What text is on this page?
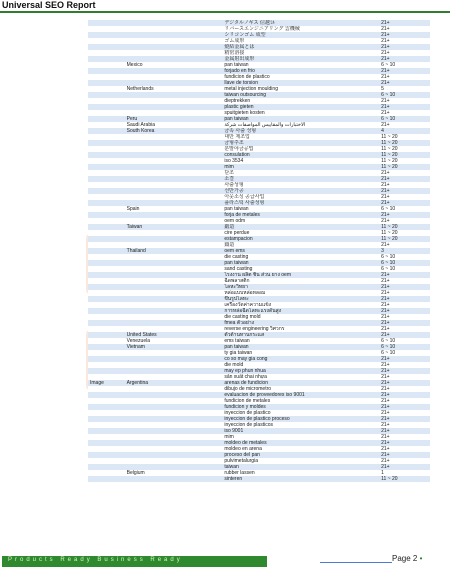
Universal SEO Report
		デジタルノギス 信越ﾐﾙ	21+
		リバースエンジニアリング 雲機械	21+
		シリコンゴム 成型	21+
		ゴム成形	21+
		焼結金属とは	21+
		精密溶接	21+
		金属射出成形	21+
	Mexico	pan taiwan	6 ~ 10
		forjado en frio	21+
		fundicion de plastico	21+
		llave de torsion	21+
	Netherlands	metal injection moulding	5
		taiwan outsourcing	6 ~ 10
		dieptrekken	21+
		plastic gieten	21+
		spuitgieten kosten	21+
	Peru	pan taiwan	6 ~ 10
	Saudi Arabia	الاختبارات والمقاييس المواصفات شركة	21+
	South Korea	금속 사출 성형	4
		대만 제조업	11 ~ 20
		금형주조	11 ~ 20
		분말야금공법	11 ~ 20
		consulation	11 ~ 20
		iso 3534	11 ~ 20
		mim	11 ~ 20
		단조	21+
		소결	21+
		사출성형	21+
		선반가공	21+
		아웃소싱 공급사업	21+
		플라스틱 사출성형	21+
	Spain	pan taiwan	6 ~ 10
		forja de metales	21+
		oem odm	21+
	Taiwan	鍛造	11 ~ 20
		cire perdue	11 ~ 20
		estampacion	11 ~ 20
		鑄造	21+
	Thailand	oem ems	3
		die casting	6 ~ 10
		pan taiwan	6 ~ 10
		sand casting	6 ~ 10
		โรงงาน ผลิต ชิ้น ส่วน ยาง oem	21+
		ฉีดพลาสติก	21+
		โลหะวิทยา	21+
		หล่อแบบหล่อหลอม	21+
		ขึ้นรูปโลหะ	21+
		เครื่องวัดค่าความแข็ง	21+
		การหล่อฉีดโลหะแรงดันสูง	21+
		die casting mold	21+
		fmea ตัวอย่าง	21+
		reverse engineering วิศวกร	21+
	United States	ตัวต้านทานกระแส	21+
	Venezuela	ems taiwan	6 ~ 10
	Vietnam	pan taiwan	6 ~ 10
		ty gia taiwan	6 ~ 10
		co so may gia cong	21+
		die mold	21+
		may ep phun nhua	21+
		sản xuất chai nhựa	21+
Image	Argentina	arenas de fundicion	21+
		dibujo de micrometro	21+
		evaluacion de proveedores iso 9001	21+
		fundicion de metales	21+
		fundicion y moldes	21+
		inyeccion de plastico	21+
		inyeccion de plastico proceso	21+
		inyeccion de plasticos	21+
		iso 9001	21+
		mim	21+
		moldeo de metales	21+
		moldeo en arena	21+
		proceso del pan	21+
		pulvimetalurgia	21+
		taiwan	21+
	Belgium	rubber lassen	1
		sinteren	11 ~ 20
Products Ready Business Ready	Page 2 •
